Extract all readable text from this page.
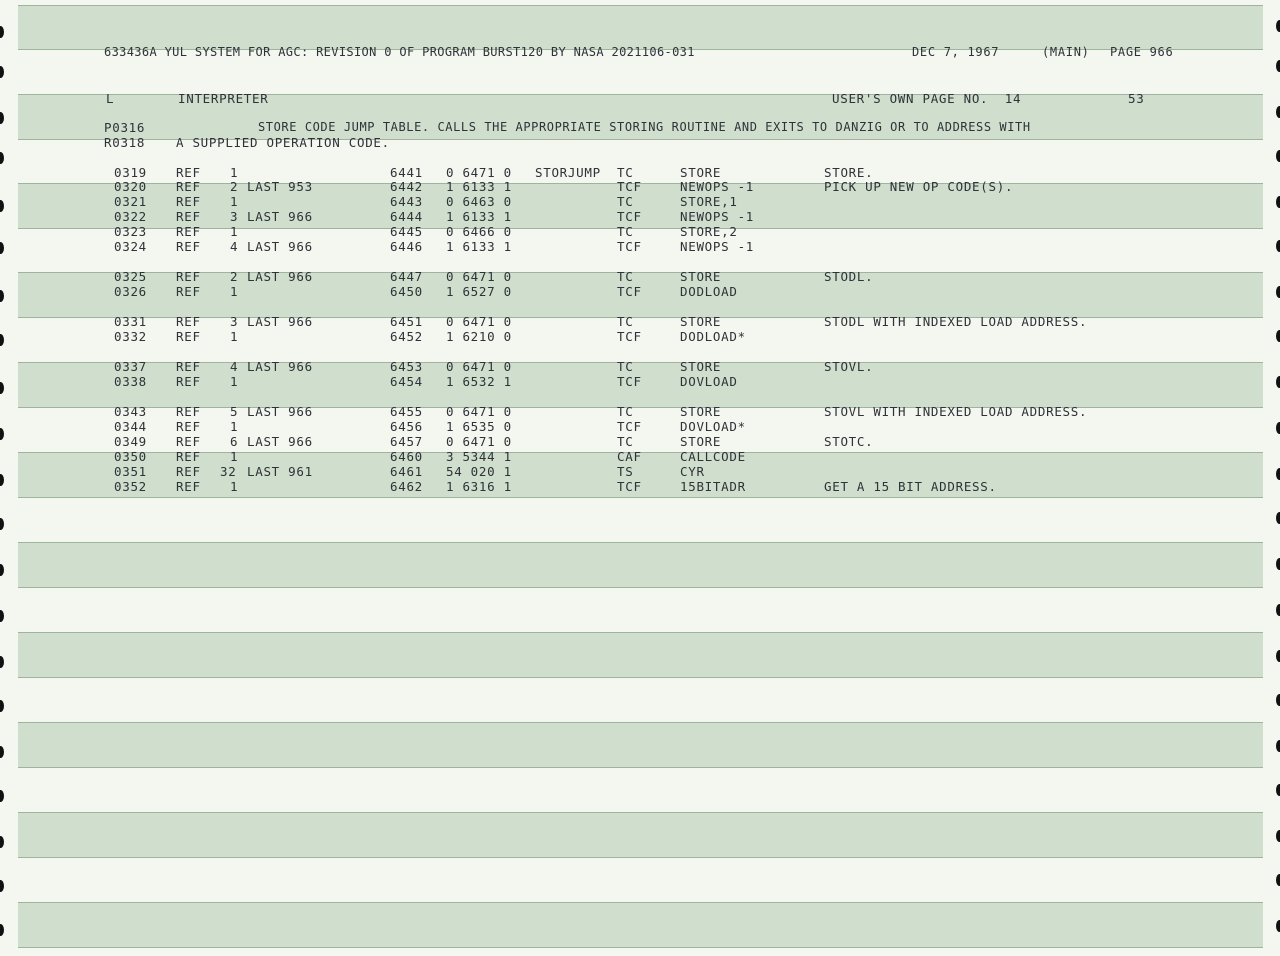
633436A YUL SYSTEM FOR AGC: REVISION 0 OF PROGRAM BURST120 BY NASA 2021106-031	DEC 7, 1967	(MAIN) PAGE 966
L	INTERPRETER	USER'S OWN PAGE NO.  14	53
P0316	STORE CODE JUMP TABLE. CALLS THE APPROPRIATE STORING ROUTINE AND EXITS TO DANZIG OR TO ADDRESS WITH
R0318 A SUPPLIED OPERATION CODE.
0319 REF 1	6441 0 6471 0 STORJUMP TC	STORE	STORE.
0320 REF 2 LAST 953	6442 1 6133 1	TCF	NEWOPS -1	PICK UP NEW OP CODE(S).
0321 REF 1	6443 0 6463 0	TC	STORE,1
0322 REF 3 LAST 966	6444 1 6133 1	TCF	NEWOPS -1
0323 REF 1	6445 0 6466 0	TC	STORE,2
0324 REF 4 LAST 966	6446 1 6133 1	TCF	NEWOPS -1
0325 REF 2 LAST 966	6447 0 6471 0	TC	STORE	STODL.
0326 REF 1	6450 1 6527 0	TCF	DODLOAD
0331 REF 3 LAST 966	6451 0 6471 0	TC	STORE	STODL WITH INDEXED LOAD ADDRESS.
0332 REF 1	6452 1 6210 0	TCF	DODLOAD*
0337 REF 4 LAST 966	6453 0 6471 0	TC	STORE	STOVL.
0338 REF 1	6454 1 6532 1	TCF	DOVLOAD
0343 REF 5 LAST 966	6455 0 6471 0	TC	STORE	STOVL WITH INDEXED LOAD ADDRESS.
0344 REF 1	6456 1 6535 0	TCF	DOVLOAD*
0349 REF 6 LAST 966	6457 0 6471 0	TC	STORE	STOTC.
0350 REF 1	6460 3 5344 1	CAF	CALLCODE
0351 REF 32 LAST 961	6461 54 020 1	TS	CYR
0352 REF 1	6462 1 6316 1	TCF	15BITADR	GET A 15 BIT ADDRESS.
